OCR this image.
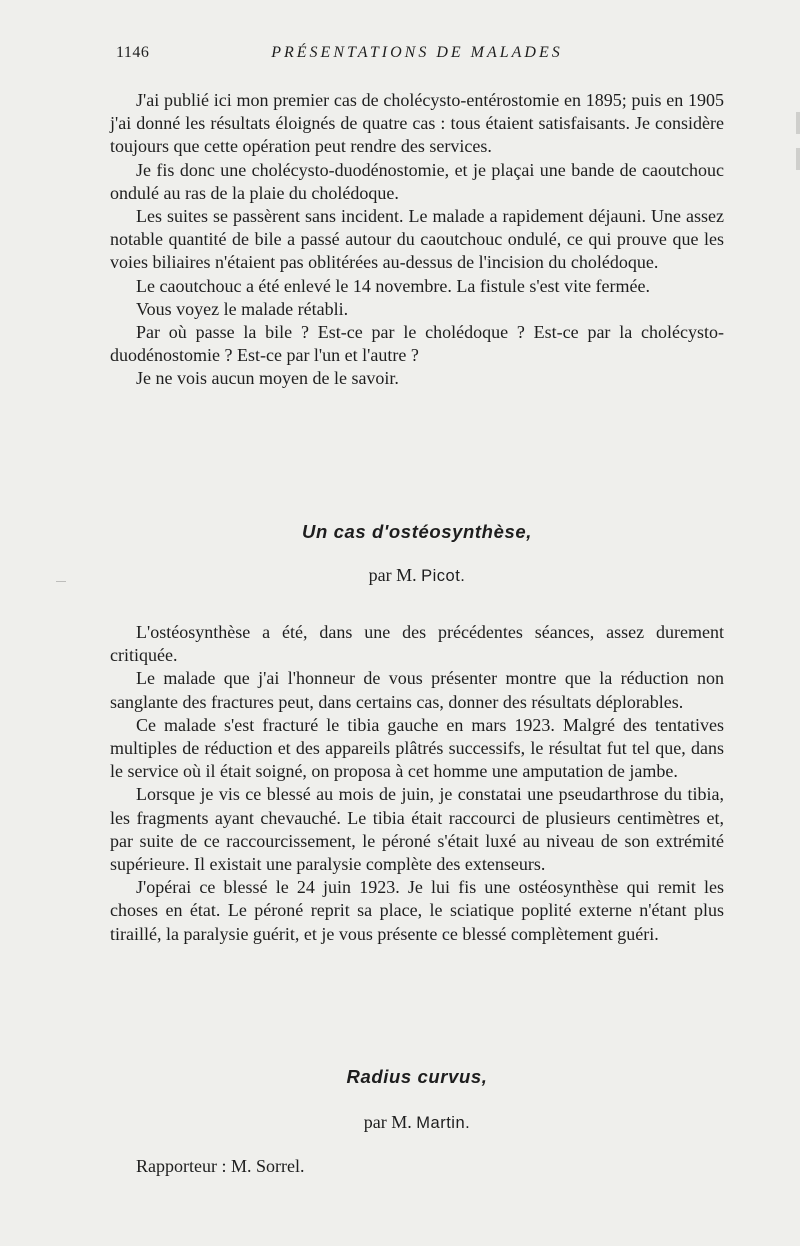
1146	PRÉSENTATIONS DE MALADES

J'ai publié ici mon premier cas de cholécysto-entérostomie en 1895; puis en 1905 j'ai donné les résultats éloignés de quatre cas : tous étaient satisfaisants. Je considère toujours que cette opération peut rendre des services.

Je fis donc une cholécysto-duodénostomie, et je plaçai une bande de caoutchouc ondulé au ras de la plaie du cholédoque.

Les suites se passèrent sans incident. Le malade a rapidement déjauni. Une assez notable quantité de bile a passé autour du caoutchouc ondulé, ce qui prouve que les voies biliaires n'étaient pas oblitérées au-dessus de l'incision du cholédoque.

Le caoutchouc a été enlevé le 14 novembre. La fistule s'est vite fermée.

Vous voyez le malade rétabli.

Par où passe la bile ? Est-ce par le cholédoque ? Est-ce par la cholécysto-duodénostomie ? Est-ce par l'un et l'autre ?

Je ne vois aucun moyen de le savoir.

Un cas d'ostéosynthèse,
par M. Picot.

L'ostéosynthèse a été, dans une des précédentes séances, assez durement critiquée.

Le malade que j'ai l'honneur de vous présenter montre que la réduction non sanglante des fractures peut, dans certains cas, donner des résultats déplorables.

Ce malade s'est fracturé le tibia gauche en mars 1923. Malgré des tentatives multiples de réduction et des appareils plâtrés successifs, le résultat fut tel que, dans le service où il était soigné, on proposa à cet homme une amputation de jambe.

Lorsque je vis ce blessé au mois de juin, je constatai une pseudarthrose du tibia, les fragments ayant chevauché. Le tibia était raccourci de plusieurs centimètres et, par suite de ce raccourcissement, le péroné s'était luxé au niveau de son extrémité supérieure. Il existait une paralysie complète des extenseurs.

J'opérai ce blessé le 24 juin 1923. Je lui fis une ostéosynthèse qui remit les choses en état. Le péroné reprit sa place, le sciatique poplité externe n'étant plus tiraillé, la paralysie guérit, et je vous présente ce blessé complètement guéri.

Radius curvus,
par M. Martin.
Rapporteur : M. Sorrel.
